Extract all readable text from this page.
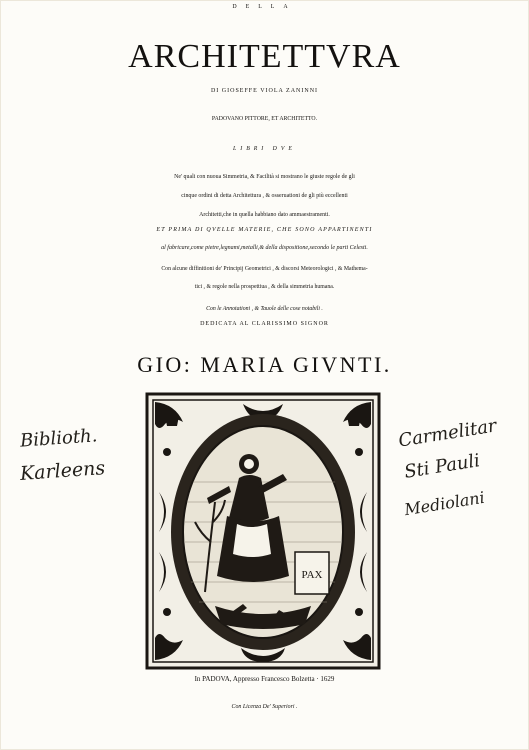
DELLA
ARCHITETTVRA
DI GIOSEFFE VIOLA ZANINNI
PADOVANO PITTORE, ET ARCHITETTO.
LIBRI DVE
Ne' quali con nuoua Simmetria, & Facilità si mostrano le giuste regole de gli
cinque ordini di detta Architettura , & osseruationi de gli più eccellenti
Architetti,che in quella habbiano dato ammaestramenti.
ET PRIMA DI QVELLE MATERIE, CHE SONO APPARTINENTI
al fabricare,come pietre,legnami,metalli,& della dispositione,secondo le parti Celesti.
Con alcune diffinitioni de' Principij Geometrici , & discorsi Meteorologici , & Mathema-
tici , & regole nella prospettiua , & della simmetria humana.
Con le Annotationi , & Tauole delle cose notabili .
DEDICATA AL CLARISSIMO SIGNOR
GIO: MARIA GIVNTI.
Biblioth.
Karleens
Carmelitar
Sti Pauli
Mediolani
PAX
In PADOVA, Appresso Francesco Bolzetta · 1629
Con Licenza De' Superiori .
